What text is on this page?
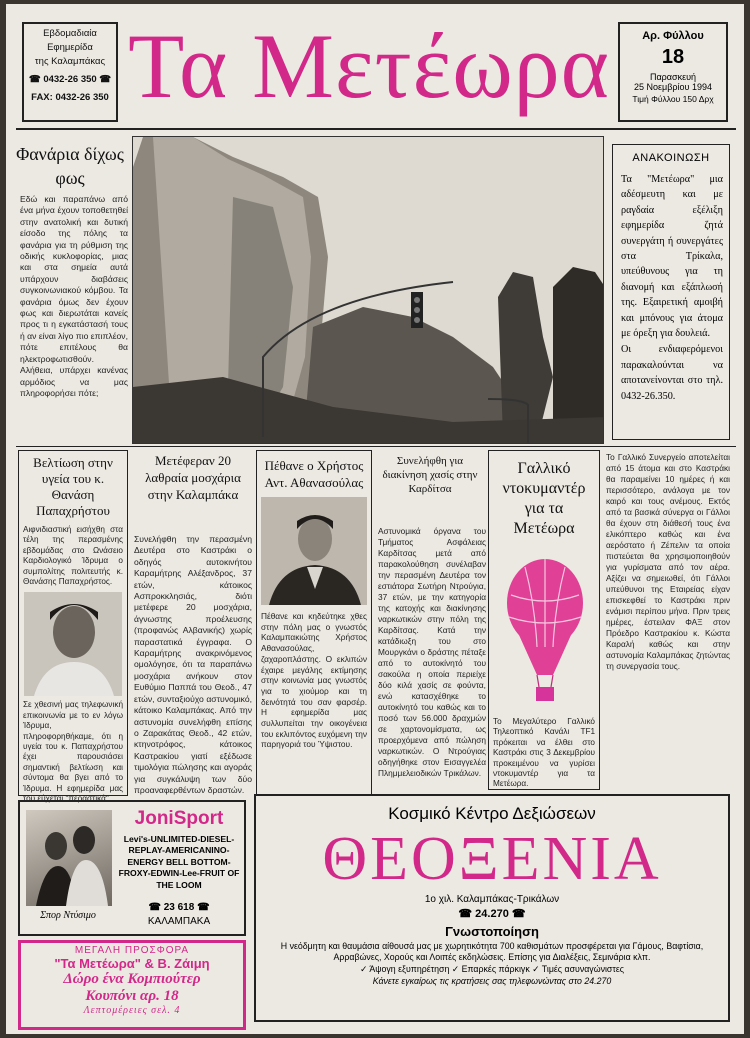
Εβδομαδιαία
Εφημερίδα
της Καλαμπάκας
☎ 0432-26 350 ☎
FAX: 0432-26 350 Τα Μετέωρα	Αρ. Φύλλου
18
Παρασκευή
25 Νοεμβρίου 1994
Τιμή Φύλλου 150 Δρχ
Φανάρια δίχως φως
Εδώ και παραπάνω από ένα μήνα έχουν τοποθετηθεί στην ανατολική και δυτική είσοδο της πόλης τα φανάρια για τη ρύθμιση της οδικής κυκλοφορίας, μιας και στα σημεία αυτά υπάρχουν διαβάσεις συγκοινωνιακού κόμβου. Τα φανάρια όμως δεν έχουν φως και διερωτάται κανείς προς τι η εγκατάστασή τους ή αν είναι λίγο πιο επιπλέον, πότε επιτέλους θα ηλεκτροφωτισθούν. Αλήθεια, υπάρχει κανένας αρμόδιος να μας πληροφορήσει πότε;
ΑΝΑΚΟΙΝΩΣΗ
Τα "Μετέωρα" μια αδέσμευτη και με ραγδαία εξέλιξη εφημερίδα ζητά συνεργάτη ή συνεργάτες στα Τρίκαλα, υπεύθυνους για τη διανομή και εξάπλωσή της. Εξαιρετική αμοιβή και μπόνους για άτομα με όρεξη για δουλειά.
Οι ενδιαφερόμενοι παρακαλούνται να αποτανείνονται στο τηλ. 0432-26.350.
Βελτίωση στην υγεία του κ. Θανάση Παπαχρήστου
Αιφνιδιαστική εισήχθη στα τέλη της περασμένης εβδομάδας στο Ωνάσειο Καρδιολογικό Ίδρυμα ο συμπολίτης πολιτευτής κ. Θανάσης Παπαχρήστος.
Σε χθεσινή μας τηλεφωνική επικοινωνία με το εν λόγω Ίδρυμα, πληροφορηθήκαμε, ότι η υγεία του κ. Παπαχρήστου έχει παρουσιάσει σημαντική βελτίωση και σύντομα θα βγει από το Ίδρυμα. Η εφημερίδα μας του εύχεται "περαστικά".
Μετέφεραν 20 λαθραία μοσχάρια στην Καλαμπάκα
Συνελήφθη την περασμένη Δευτέρα στο Καστράκι ο οδηγός αυτοκινήτου Καραμήτρης Αλέξανδρος, 37 ετών, κάτοικος Ασπροκκλησιάς, διότι μετέφερε 20 μοσχάρια, άγνωστης προέλευσης (προφανώς Αλβανικής) χωρίς παραστατικά έγγραφα. Ο Καραμήτρης ανακρινόμενος ομολόγησε, ότι τα παραπάνω μοσχάρια ανήκουν στον Ευθύμιο Παππά του Θεοδ., 47 ετών, συνταξιούχο αστυνομικό, κάτοικο Καλαμπάκας. Από την αστυνομία συνελήφθη επίσης ο Ζαρακάτας Θεοδ., 42 ετών, κτηνοτρόφος, κάτοικος Καστρακίου γιατί εξέδωσε τιμολόγια πώλησης και αγοράς για συγκάλυψη των δύο προαναφερθέντων δραστών.
Πέθανε ο Χρήστος Αντ. Αθανασούλας
Πέθανε και κηδεύτηκε χθες στην πόλη μας ο γνωστός Καλαμπακιώτης Χρήστος Αθανασούλας, ζαχαροπλάστης. Ο εκλιπών έχαιρε μεγάλης εκτίμησης στην κοινωνία μας γνωστός για το χιούμορ και τη δεινότητά του σαν φαρσέρ. Η εφημερίδα μας συλλυπείται την οικογένεια του εκλιπόντος ευχόμενη την παρηγοριά του Ύψιστου.
Συνελήφθη για διακίνηση χασίς στην Καρδίτσα
Αστυνομικά όργανα του Τμήματος Ασφάλειας Καρδίτσας μετά από παρακολούθηση συνέλαβαν την περασμένη Δευτέρα τον εστιάτορα Σωτήρη Ντρούγια, 37 ετών, με την κατηγορία της κατοχής και διακίνησης ναρκωτικών στην πόλη της Καρδίτσας. Κατά την κατάδιωξη του στο Μουργκάνι ο δράστης πέταξε από το αυτοκίνητό του σακούλα η οποία περιείχε δύο κιλά χασίς σε φούντα, ενώ κατασχέθηκε το αυτοκίνητό του καθώς και το ποσό των 56.000 δραχμών σε χαρτονομίσματα, ως προερχόμενα από πώληση ναρκωτικών. Ο Ντρούγιας οδηγήθηκε στον Εισαγγελέα Πλημμελειοδικών Τρικάλων.
Γαλλικό ντοκυμαντέρ για τα Μετέωρα
Το Μεγαλύτερο Γαλλικό Τηλεοπτικό Κανάλι TF1 πρόκειται να έλθει στο Καστράκι στις 3 Δεκεμβρίου προκειμένου να γυρίσει ντοκυμαντέρ για τα Μετέωρα.
Το Γαλλικό Συνεργείο αποτελείται από 15 άτομα και στο Καστράκι θα παραμείνει 10 ημέρες ή και περισσότερο, ανάλογα με τον καιρό και τους ανέμους. Εκτός από τα βασικά σύνεργα οι Γάλλοι θα έχουν στη διάθεσή τους ένα ελικόπτερο καθώς και ένα αερόστατο ή Ζέπελιν τα οποία πιστεύεται θα χρησιμοποιηθούν για γυρίσματα από τον αέρα. Αξίζει να σημειωθεί, ότι Γάλλοι υπεύθυνοι της Εταιρείας είχαν επισκεφθεί το Καστράκι πριν ενάμισι περίπου μήνα. Πριν τρεις ημέρες, έστειλαν ΦΑΞ στον Πρόεδρο Καστρακίου κ. Κώστα Καραλή καθώς και στην αστυνομία Καλαμπάκας ζητώντας τη συνεργασία τους.
Σπορ Ντύσιμο
JoniSport
Levi's-UNLIMITED-DIESEL-REPLAY-AMERICANINO-ENERGY BELL BOTTOM-FROXY-EDWIN-Lee-FRUIT OF THE LOOM
☎ 23 618 ☎
ΚΑΛΑΜΠΑΚΑ
ΜΕΓΑΛΗ ΠΡΟΣΦΟΡΑ
"Τα Μετέωρα" & Β. Ζάιμη
Δώρο ένα Κομπιούτερ
Κουπόνι αρ. 18
Λεπτομέρειες σελ. 4
Κοσμικό Κέντρο Δεξιώσεων
ΘΕΟΞΕΝΙΑ
1ο χιλ. Καλαμπάκας-Τρικάλων
☎ 24.270 ☎
Γνωστοποίηση
Η νεόδμητη και θαυμάσια αίθουσά μας με χωρητικότητα 700 καθισμάτων προσφέρεται για Γάμους, Βαφτίσια, Αρραβώνες, Χορούς και Λοιπές εκδηλώσεις. Επίσης για Διαλέξεις, Σεμινάρια κλπ.
✓ Άψογη εξυπηρέτηση ✓ Επαρκές πάρκιγκ ✓ Τιμές ασυναγώνιστες
Κάνετε εγκαίρως τις κρατήσεις σας τηλεφωνώντας στο 24.270
